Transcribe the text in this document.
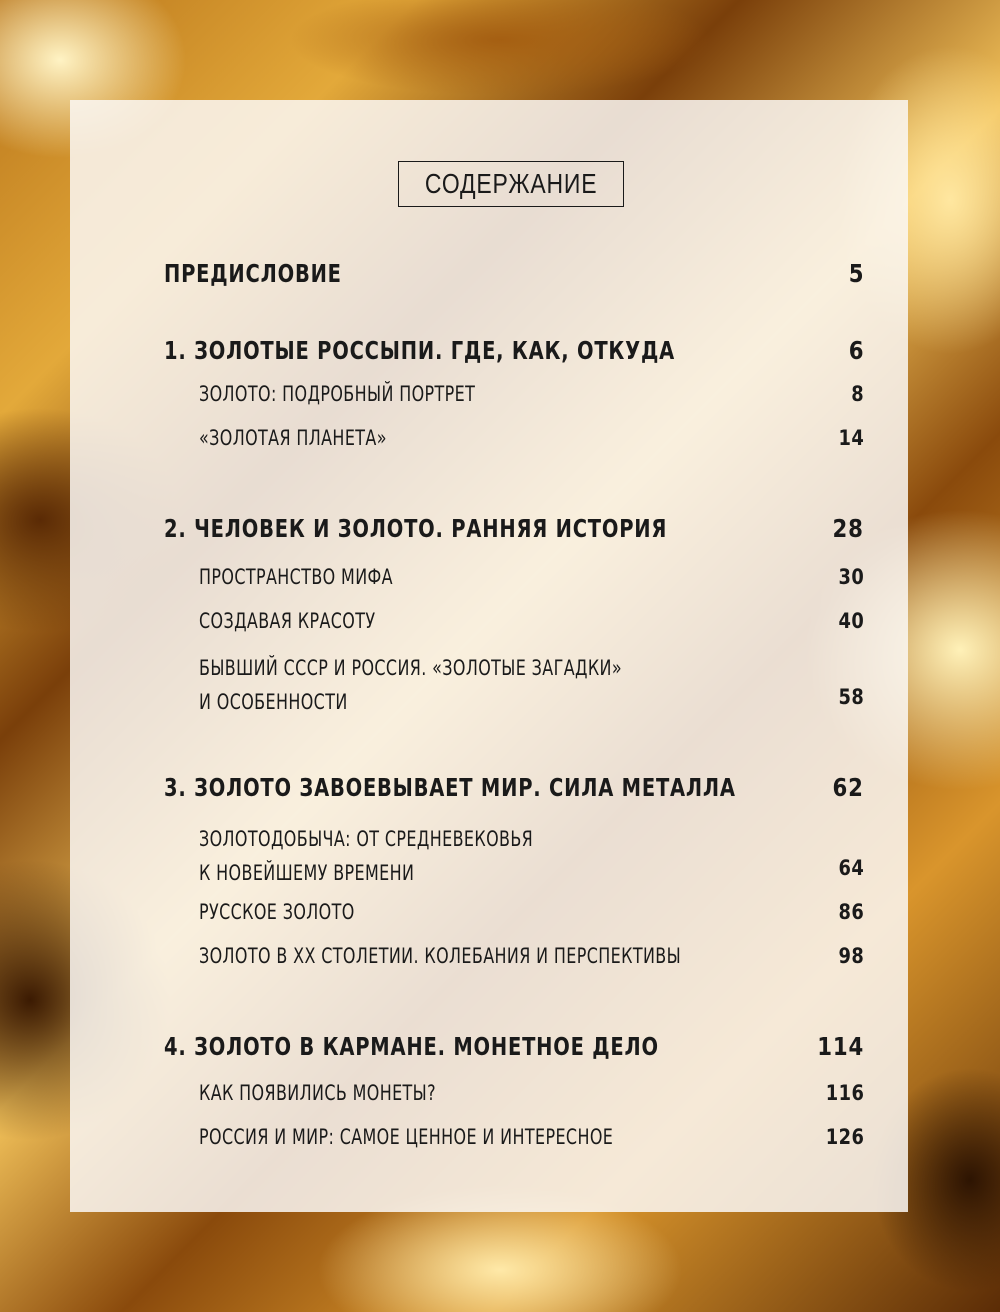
СОДЕРЖАНИЕ
ПРЕДИСЛОВИЕ	5
1. ЗОЛОТЫЕ РОССЫПИ. ГДЕ, КАК, ОТКУДА	6
ЗОЛОТО: ПОДРОБНЫЙ ПОРТРЕТ	8
«ЗОЛОТАЯ ПЛАНЕТА»	14
2. ЧЕЛОВЕК И ЗОЛОТО. РАННЯЯ ИСТОРИЯ	28
ПРОСТРАНСТВО МИФА	30
СОЗДАВАЯ КРАСОТУ	40
БЫВШИЙ СССР И РОССИЯ. «ЗОЛОТЫЕ ЗАГАДКИ»
И ОСОБЕННОСТИ	58
3. ЗОЛОТО ЗАВОЕВЫВАЕТ МИР. СИЛА МЕТАЛЛА	62
ЗОЛОТОДОБЫЧА: ОТ СРЕДНЕВЕКОВЬЯ
К НОВЕЙШЕМУ ВРЕМЕНИ	64
РУССКОЕ ЗОЛОТО	86
ЗОЛОТО В XX СТОЛЕТИИ. КОЛЕБАНИЯ И ПЕРСПЕКТИВЫ	98
4. ЗОЛОТО В КАРМАНЕ. МОНЕТНОЕ ДЕЛО	114
КАК ПОЯВИЛИСЬ МОНЕТЫ?	116
РОССИЯ И МИР: САМОЕ ЦЕННОЕ И ИНТЕРЕСНОЕ	126
